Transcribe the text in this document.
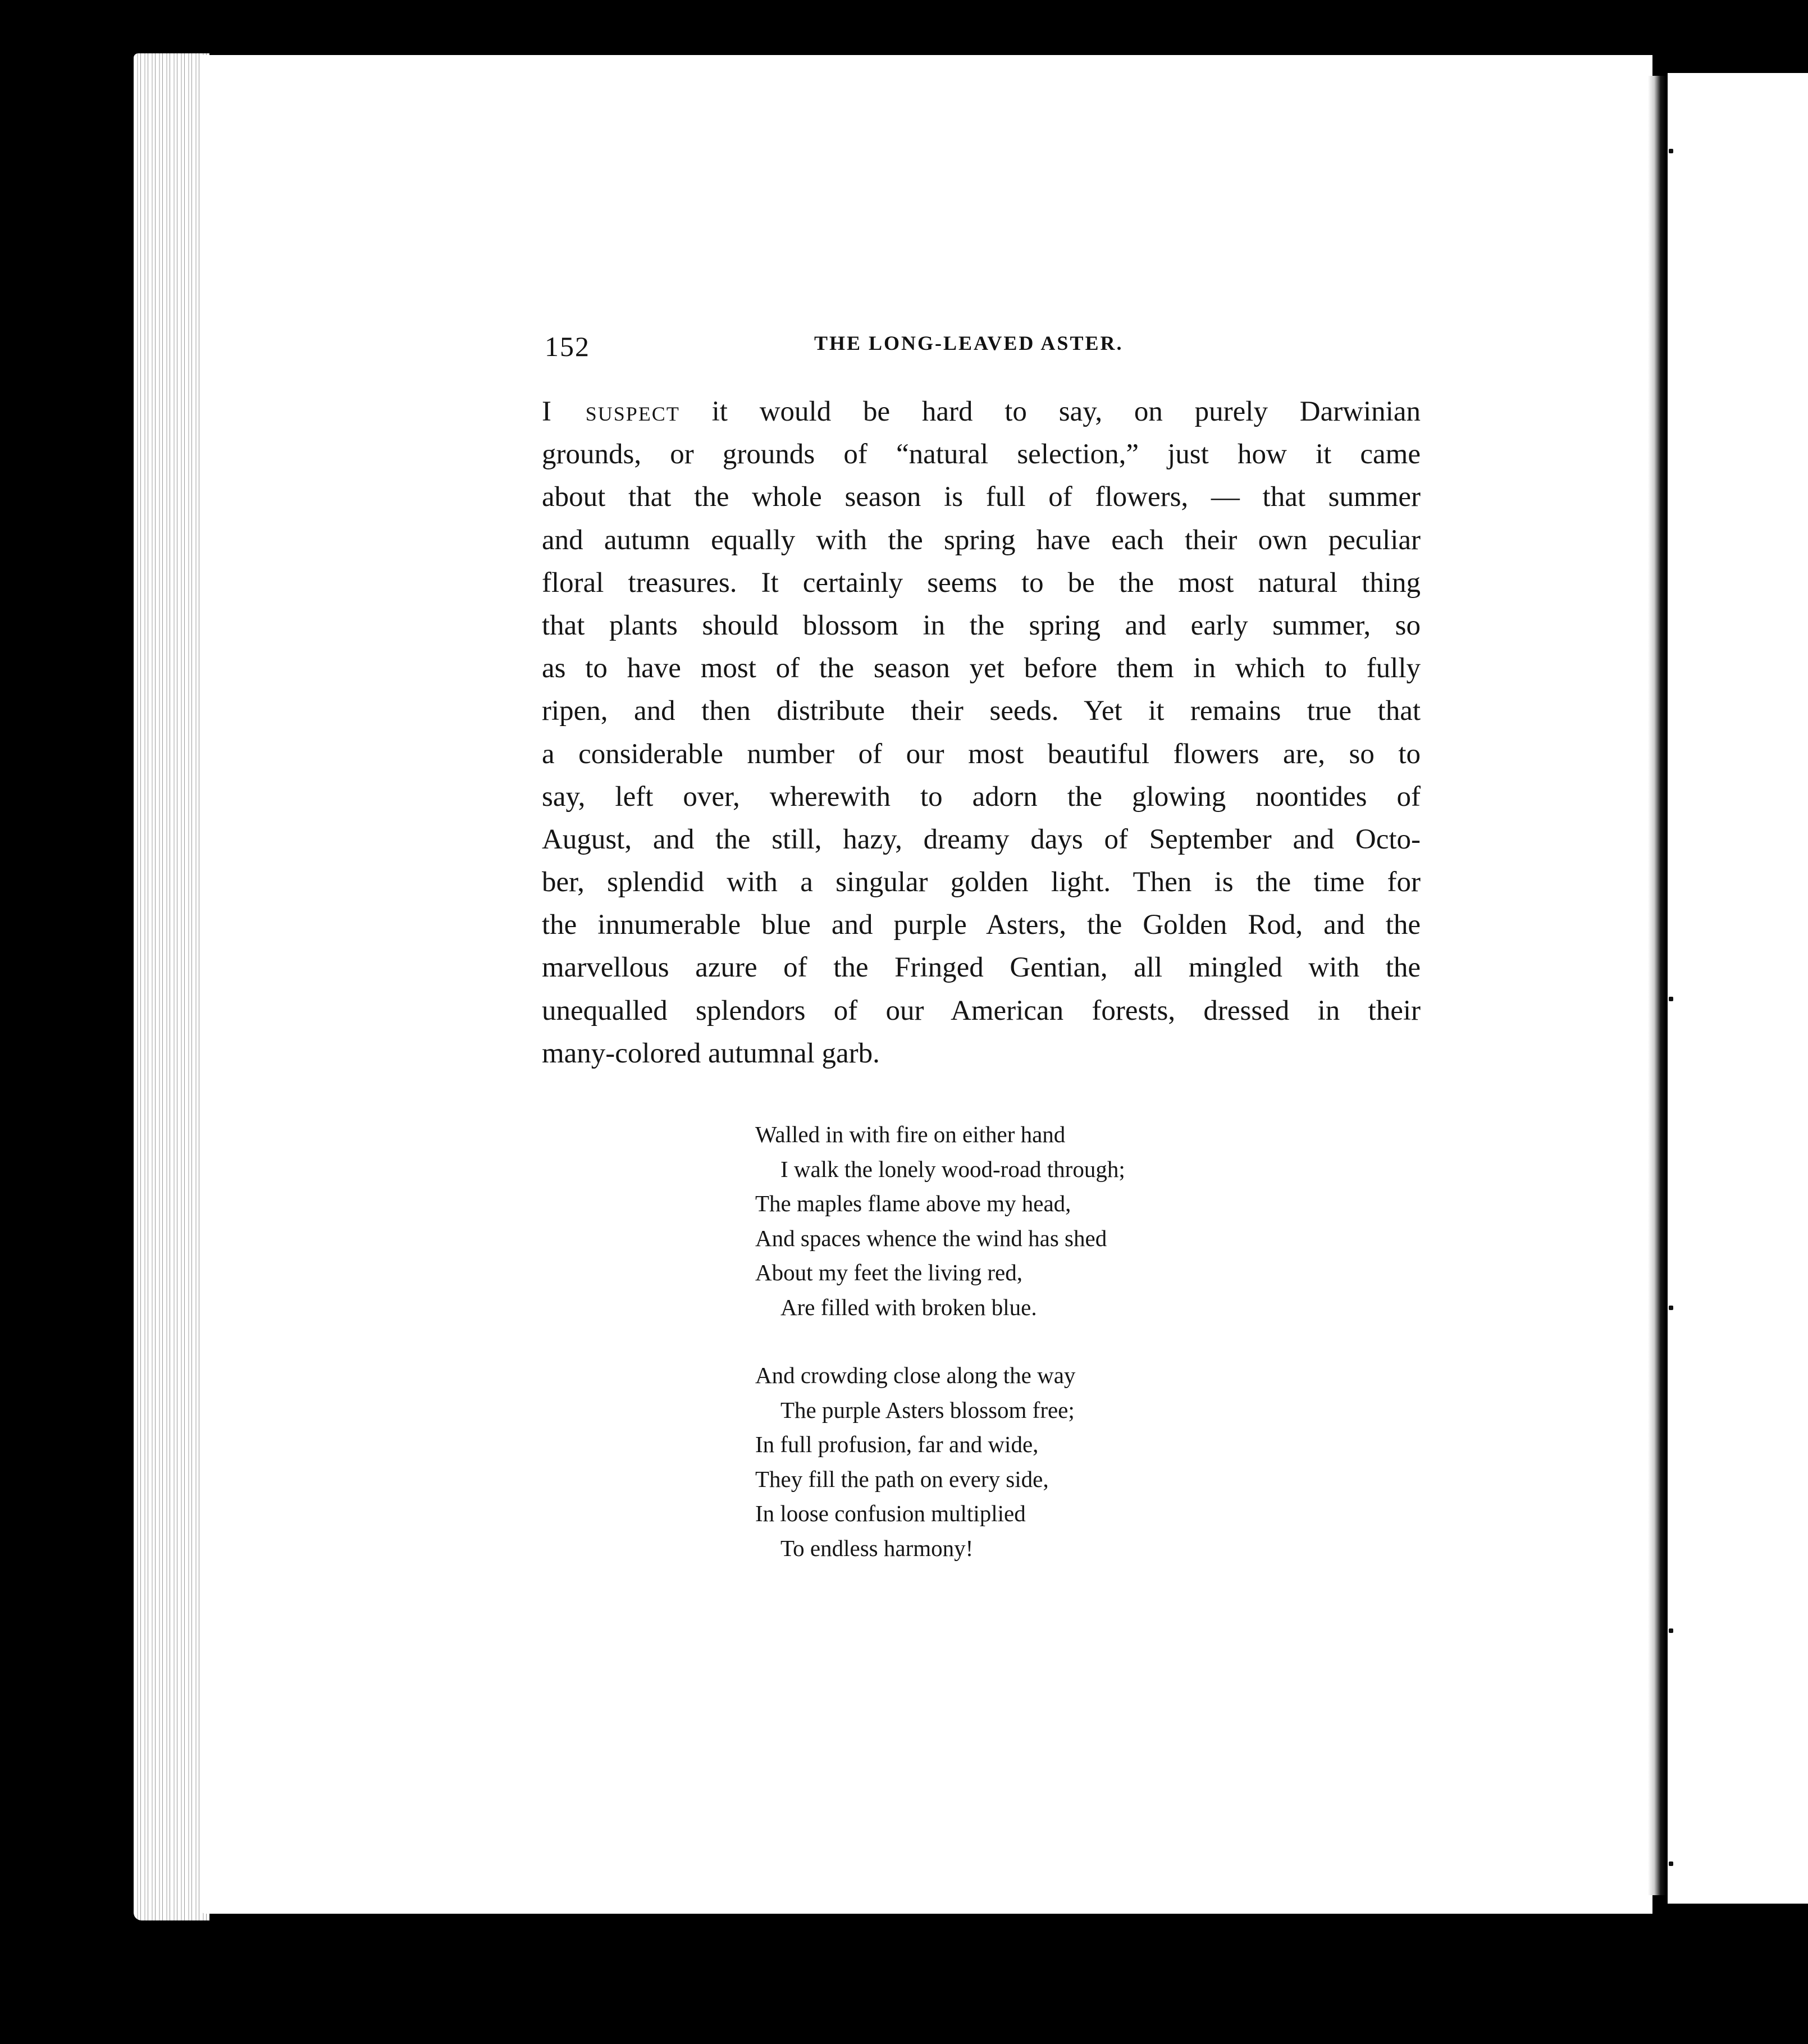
152	THE LONG-LEAVED ASTER.
I suspect it would be hard to say, on purely Darwinian
grounds, or grounds of “natural selection,” just how it came
about that the whole season is full of flowers, — that summer
and autumn equally with the spring have each their own peculiar
floral treasures. It certainly seems to be the most natural thing
that plants should blossom in the spring and early summer, so
as to have most of the season yet before them in which to fully
ripen, and then distribute their seeds. Yet it remains true that
a considerable number of our most beautiful flowers are, so to
say, left over, wherewith to adorn the glowing noontides of
August, and the still, hazy, dreamy days of September and Octo-
ber, splendid with a singular golden light. Then is the time for
the innumerable blue and purple Asters, the Golden Rod, and the
marvellous azure of the Fringed Gentian, all mingled with the
unequalled splendors of our American forests, dressed in their
many-colored autumnal garb.
Walled in with fire on either hand
I walk the lonely wood-road through;
The maples flame above my head,
And spaces whence the wind has shed
About my feet the living red,
Are filled with broken blue.
And crowding close along the way
The purple Asters blossom free;
In full profusion, far and wide,
They fill the path on every side,
In loose confusion multiplied
To endless harmony!
